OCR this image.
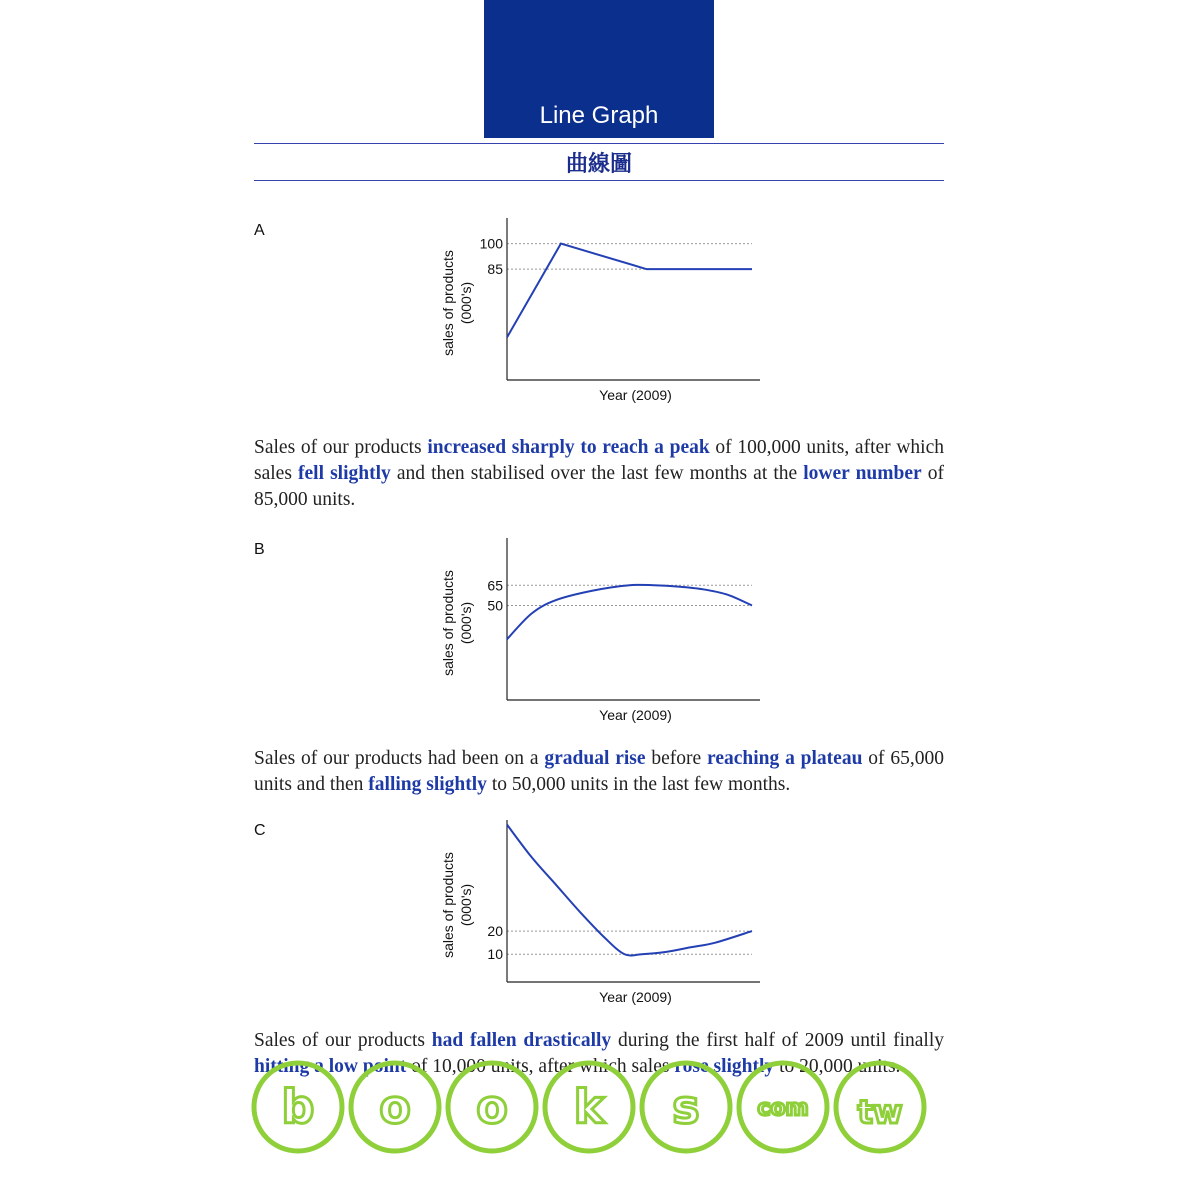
Line Graph
曲線圖
A
100
85
Year (2009)
sales of products (000's)
Sales of our products increased sharply to reach a peak of 100,000 units, after which sales fell slightly and then stabilised over the last few months at the lower number of 85,000 units.
B
65
50
Year (2009)
sales of products (000's)
Sales of our products had been on a gradual rise before reaching a plateau of 65,000 units and then falling slightly to 50,000 units in the last few months.
C
20
10
Year (2009)
sales of products (000's)
Sales of our products had fallen drastically during the first half of 2009 until finally hitting a low point of 10,000 units, after which sales rose slightly to 20,000 units.
b o o k s	com tw
